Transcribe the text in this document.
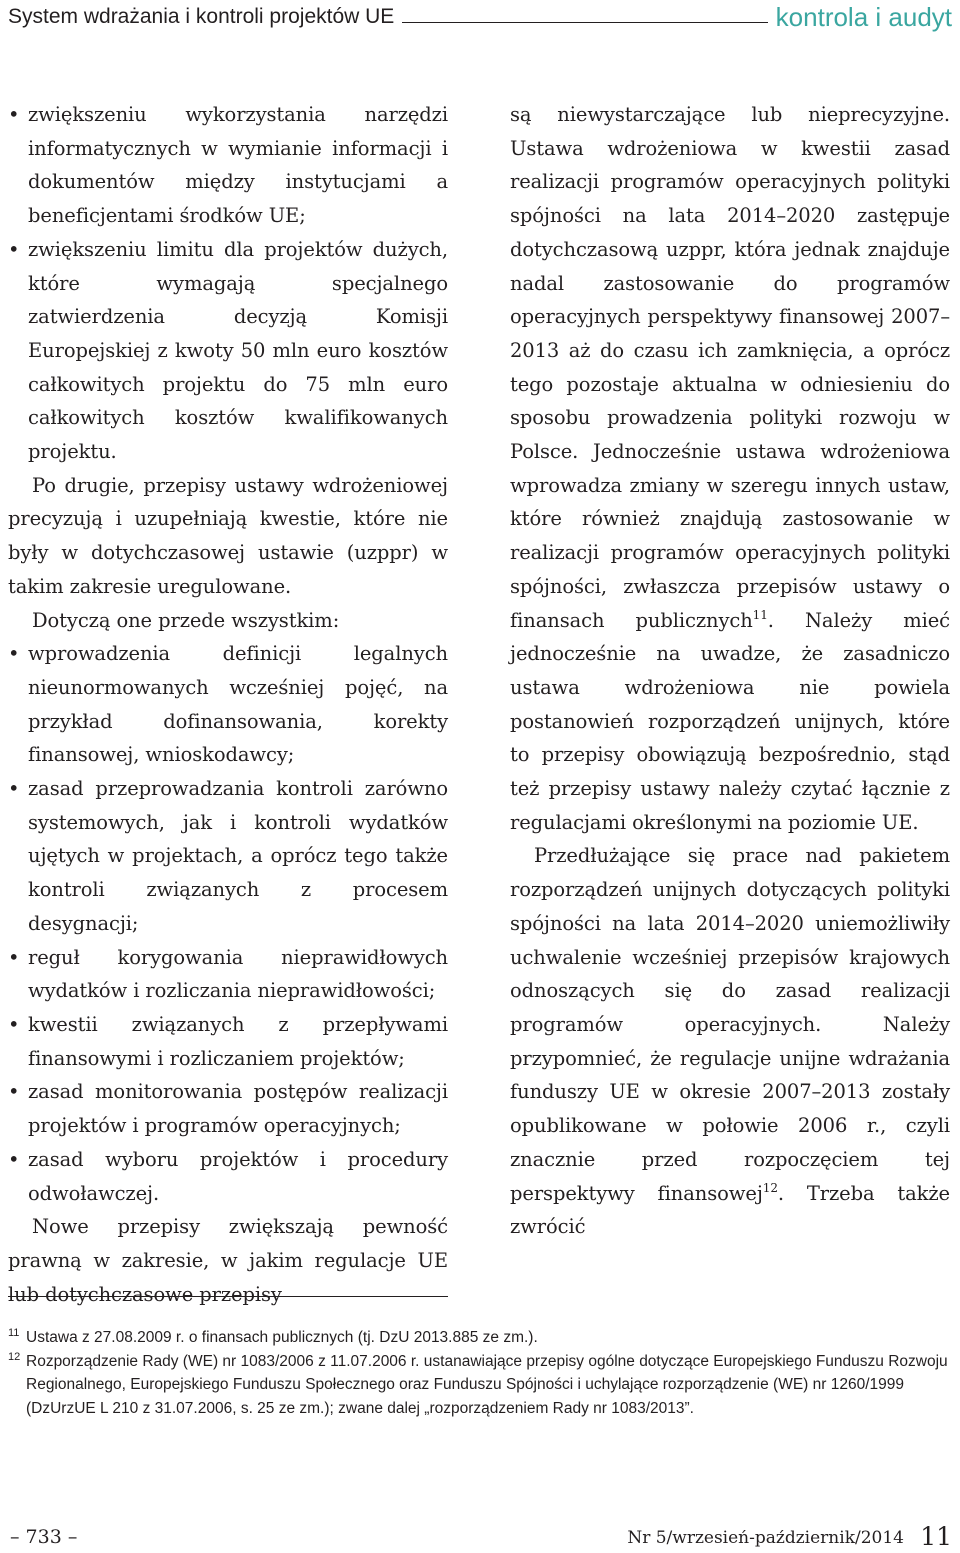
System wdrażania i kontroli projektów UE	kontrola i audyt
• zwiększeniu wykorzystania narzędzi informatycznych w wymianie informacji i dokumentów między instytucjami a beneficjentami środków UE;
• zwiększeniu limitu dla projektów dużych, które wymagają specjalnego zatwierdzenia decyzją Komisji Europejskiej z kwoty 50 mln euro kosztów całkowitych projektu do 75 mln euro całkowitych kosztów kwalifikowanych projektu.

Po drugie, przepisy ustawy wdrożeniowej precyzują i uzupełniają kwestie, które nie były w dotychczasowej ustawie (uzppr) w takim zakresie uregulowane.

Dotyczą one przede wszystkim:

• wprowadzenia definicji legalnych nieunormowanych wcześniej pojęć, na przykład dofinansowania, korekty finansowej, wnioskodawcy;
• zasad przeprowadzania kontroli zarówno systemowych, jak i kontroli wydatków ujętych w projektach, a oprócz tego także kontroli związanych z procesem desygnacji;
• reguł korygowania nieprawidłowych wydatków i rozliczania nieprawidłowości;
• kwestii związanych z przepływami finansowymi i rozliczaniem projektów;
• zasad monitorowania postępów realizacji projektów i programów operacyjnych;
• zasad wyboru projektów i procedury odwoławczej.

Nowe przepisy zwiększają pewność prawną w zakresie, w jakim regulacje UE lub dotychczasowe przepisy

są niewystarczające lub nieprecyzyjne. Ustawa wdrożeniowa w kwestii zasad realizacji programów operacyjnych polityki spójności na lata 2014–2020 zastępuje dotychczasową uzppr, która jednak znajduje nadal zastosowanie do programów operacyjnych perspektywy finansowej 2007–2013 aż do czasu ich zamknięcia, a oprócz tego pozostaje aktualna w odniesieniu do sposobu prowadzenia polityki rozwoju w Polsce. Jednocześnie ustawa wdrożeniowa wprowadza zmiany w szeregu innych ustaw, które również znajdują zastosowanie w realizacji programów operacyjnych polityki spójności, zwłaszcza przepisów ustawy o finansach publicznych$^{11}$. Należy mieć jednocześnie na uwadze, że zasadniczo ustawa wdrożeniowa nie powiela postanowień rozporządzeń unijnych, które to przepisy obowiązują bezpośrednio, stąd też przepisy ustawy należy czytać łącznie z regulacjami określonymi na poziomie UE.

Przedłużające się prace nad pakietem rozporządzeń unijnych dotyczących polityki spójności na lata 2014–2020 uniemożliwiły uchwalenie wcześniej przepisów krajowych odnoszących się do zasad realizacji programów operacyjnych. Należy przypomnieć, że regulacje unijne wdrażania funduszy UE w okresie 2007–2013 zostały opublikowane w połowie 2006 r., czyli znacznie przed rozpoczęciem tej perspektywy finansowej$^{12}$. Trzeba także zwrócić

11 Ustawa z 27.08.2009 r. o finansach publicznych (tj. DzU 2013.885 ze zm.).
12 Rozporządzenie Rady (WE) nr 1083/2006 z 11.07.2006 r. ustanawiające przepisy ogólne dotyczące Europejskiego Funduszu Rozwoju Regionalnego, Europejskiego Funduszu Społecznego oraz Funduszu Spójności i uchylające rozporządzenie (WE) nr 1260/1999 (DzUrzUE L 210 z 31.07.2006, s. 25 ze zm.); zwane dalej „rozporządzeniem Rady nr 1083/2013”.
– 733 –	Nr 5/wrzesień-październik/2014 11
